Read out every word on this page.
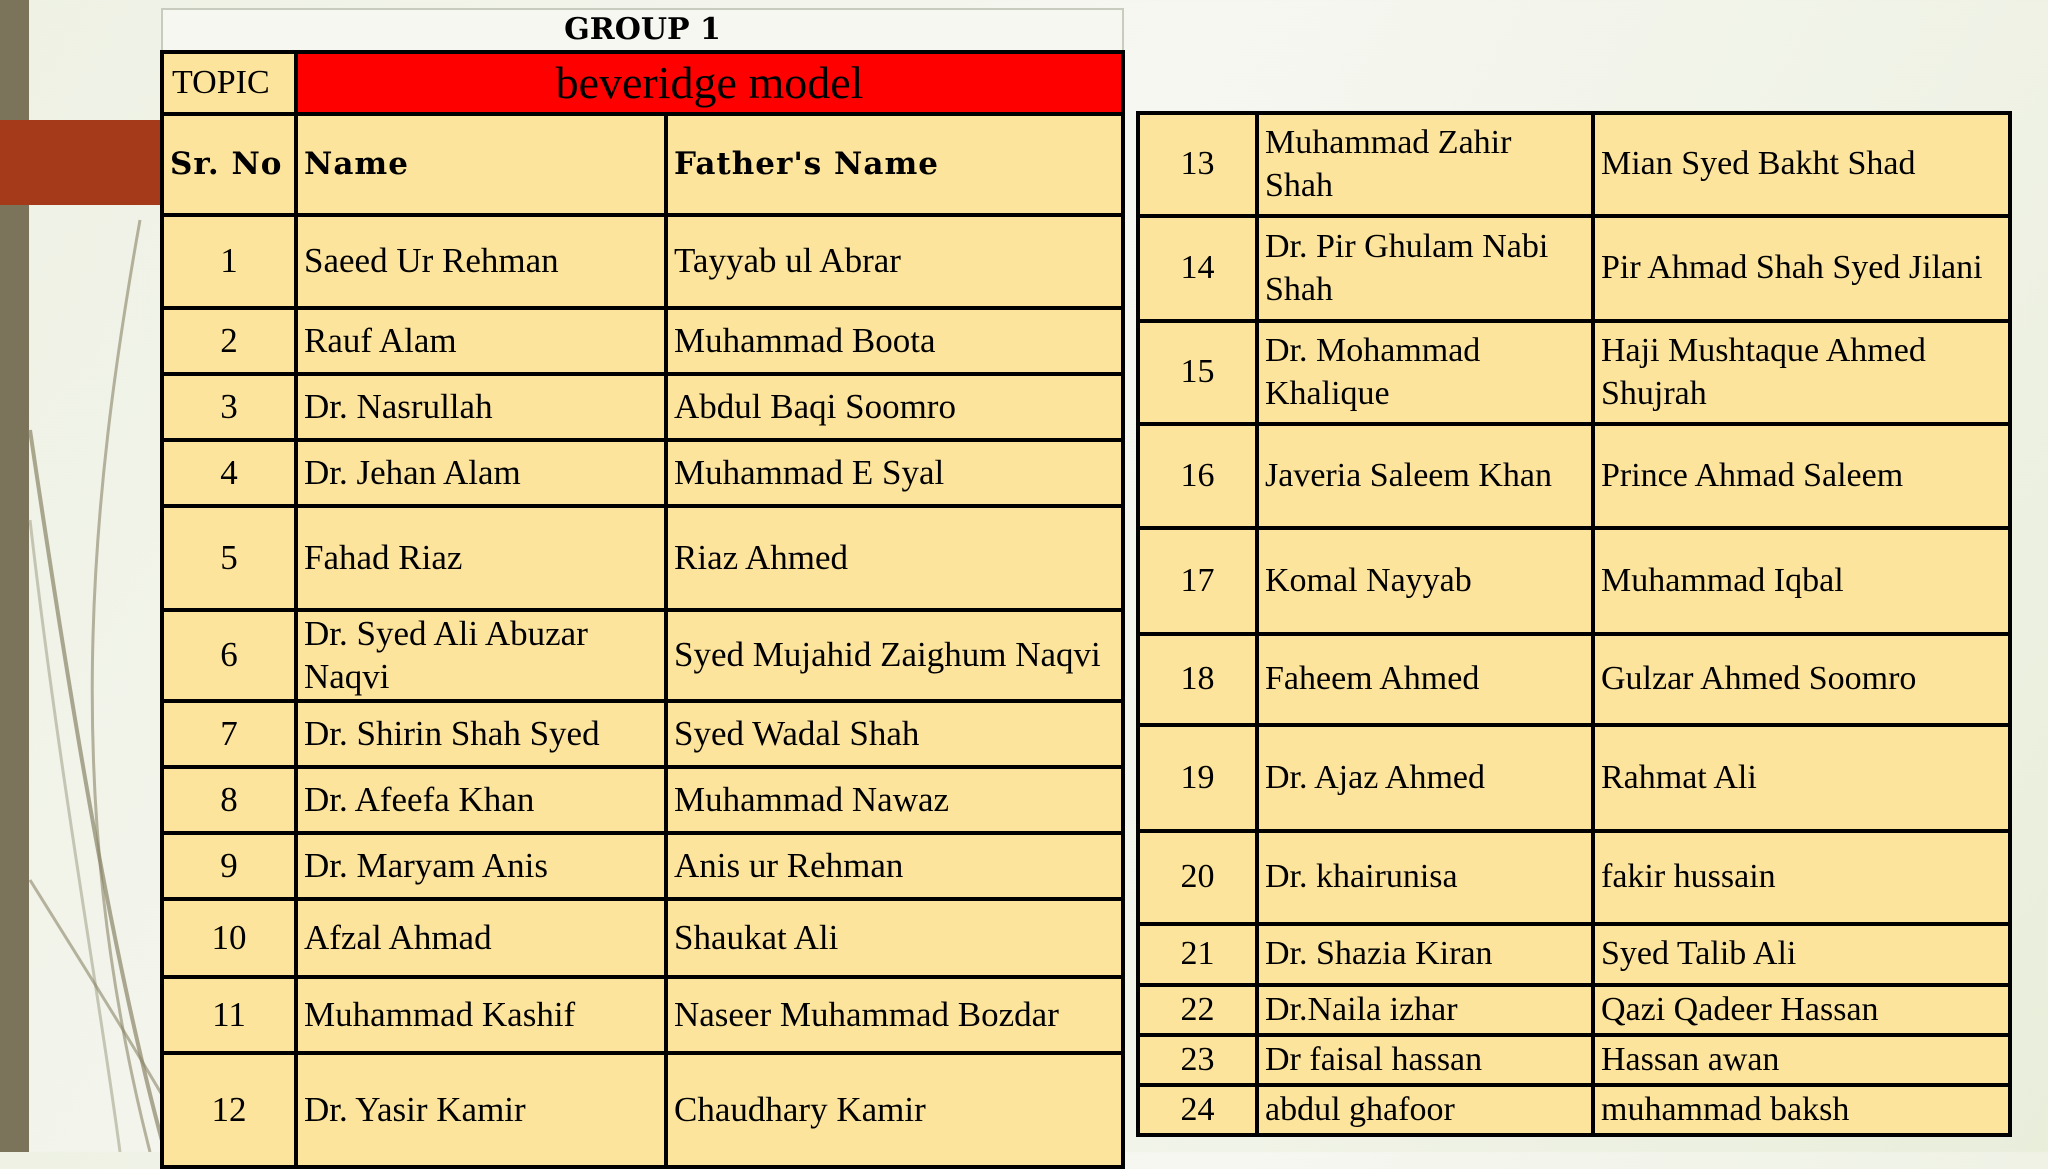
GROUP 1		
TOPIC	beveridge model	
Sr. No	Name	Father's Name
1	Saeed Ur Rehman	Tayyab ul Abrar
2	Rauf Alam	Muhammad Boota
3	Dr. Nasrullah	Abdul Baqi Soomro
4	Dr. Jehan Alam	Muhammad E Syal
5	Fahad Riaz	Riaz Ahmed
6	Dr. Syed Ali Abuzar Naqvi	Syed Mujahid Zaighum Naqvi
7	Dr. Shirin Shah Syed	Syed Wadal Shah
8	Dr. Afeefa Khan	Muhammad Nawaz
9	Dr. Maryam Anis	Anis ur Rehman
10	Afzal Ahmad	Shaukat Ali
11	Muhammad Kashif	Naseer Muhammad Bozdar
12	Dr. Yasir Kamir	Chaudhary Kamir
13	Muhammad Zahir Shah	Mian Syed Bakht Shad
14	Dr. Pir Ghulam Nabi Shah	Pir Ahmad Shah Syed Jilani
15	Dr. Mohammad Khalique	Haji Mushtaque Ahmed Shujrah
16	Javeria Saleem Khan	Prince Ahmad Saleem
17	Komal Nayyab	Muhammad Iqbal
18	Faheem Ahmed	Gulzar Ahmed Soomro
19	Dr. Ajaz Ahmed	Rahmat Ali
20	Dr. khairunisa	fakir hussain
21	Dr. Shazia Kiran	Syed Talib Ali
22	Dr.Naila izhar	Qazi Qadeer Hassan
23	Dr faisal hassan	Hassan awan
24	abdul ghafoor	muhammad baksh
